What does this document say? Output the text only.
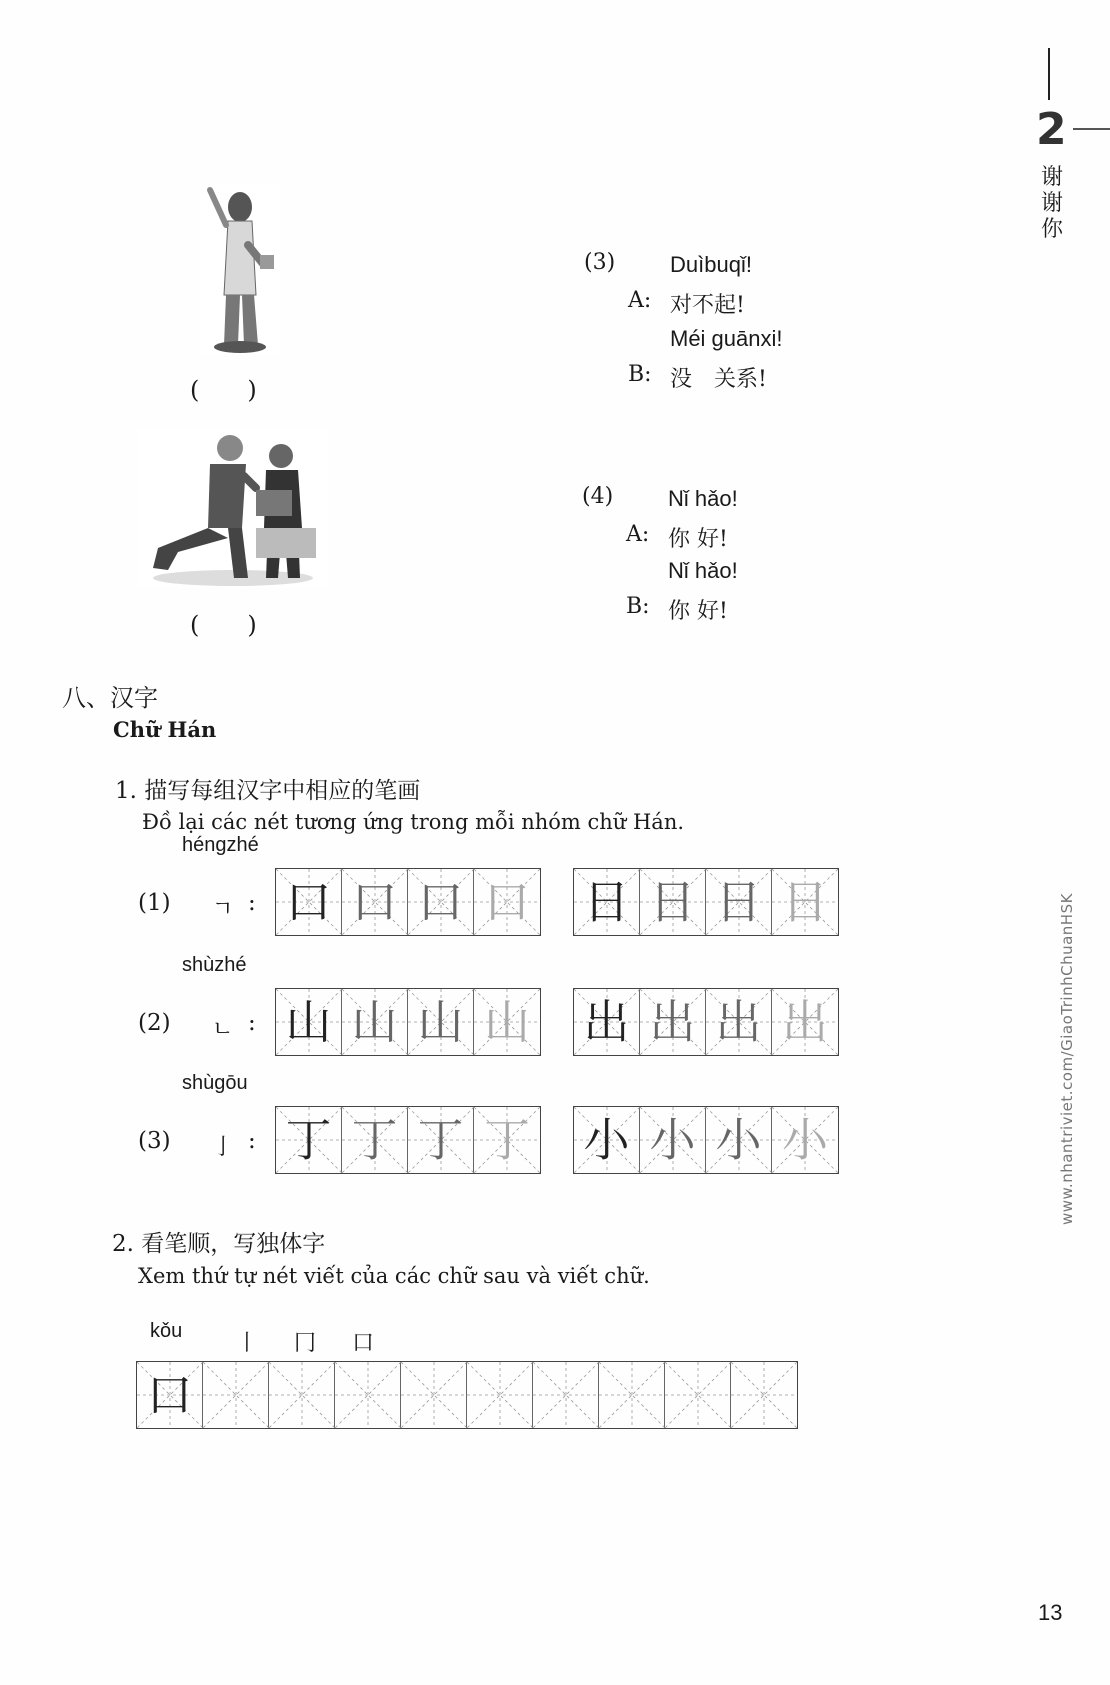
2
谢谢你
www.nhantriviet.com/GiaoTrinhChuanHSK
13
(　　)
(　　)
(3) Duìbuqǐ!
A: 对不起!
Méi guānxi!
B: 没　关系!
(4) Nǐ hǎo!
A: 你 好!
Nǐ hǎo!
B: 你 好!
八、汉字
Chữ Hán
1. 描写每组汉字中相应的笔画
Đồ lại các nét tương ứng trong mỗi nhóm chữ Hán.
héngzhé
(1) ㄱ : 口 口 口 口 日 日 日 日
shùzhé
(2) ㄴ : 山 山 山 山 出 出 出 出
shùgōu
(3) 亅 : 丁 丁 丁 丁 小 小 小 小
2. 看笔顺，写独体字
Xem thứ tự nét viết của các chữ sau và viết chữ.
kǒu 丨 冂 口
口
